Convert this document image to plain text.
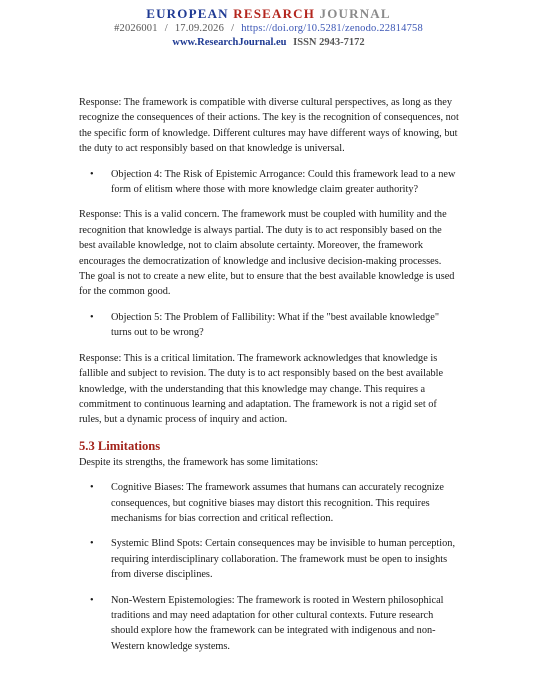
EUROPEAN RESEARCH JOURNAL
#2026001 / 17.09.2026 / https://doi.org/10.5281/zenodo.22814758
www.ResearchJournal.eu ISSN 2943-7172

Response: The framework is compatible with diverse cultural perspectives, as long as they recognize the consequences of their actions. The key is the recognition of consequences, not the specific form of knowledge. Different cultures may have different ways of knowing, but the duty to act responsibly based on that knowledge is universal.

• Objection 4: The Risk of Epistemic Arrogance: Could this framework lead to a new form of elitism where those with more knowledge claim greater authority?

Response: This is a valid concern. The framework must be coupled with humility and the recognition that knowledge is always partial. The duty is to act responsibly based on the best available knowledge, not to claim absolute certainty. Moreover, the framework encourages the democratization of knowledge and inclusive decision-making processes. The goal is not to create a new elite, but to ensure that the best available knowledge is used for the common good.

• Objection 5: The Problem of Fallibility: What if the "best available knowledge" turns out to be wrong?

Response: This is a critical limitation. The framework acknowledges that knowledge is fallible and subject to revision. The duty is to act responsibly based on the best available knowledge, with the understanding that this knowledge may change. This requires a commitment to continuous learning and adaptation. The framework is not a rigid set of rules, but a dynamic process of inquiry and action.

5.3 Limitations

Despite its strengths, the framework has some limitations:

• Cognitive Biases: The framework assumes that humans can accurately recognize consequences, but cognitive biases may distort this recognition. This requires mechanisms for bias correction and critical reflection.
• Systemic Blind Spots: Certain consequences may be invisible to human perception, requiring interdisciplinary collaboration. The framework must be open to insights from diverse disciplines.
• Non-Western Epistemologies: The framework is rooted in Western philosophical traditions and may need adaptation for other cultural contexts. Future research should explore how the framework can be integrated with indigenous and non-Western knowledge systems.
